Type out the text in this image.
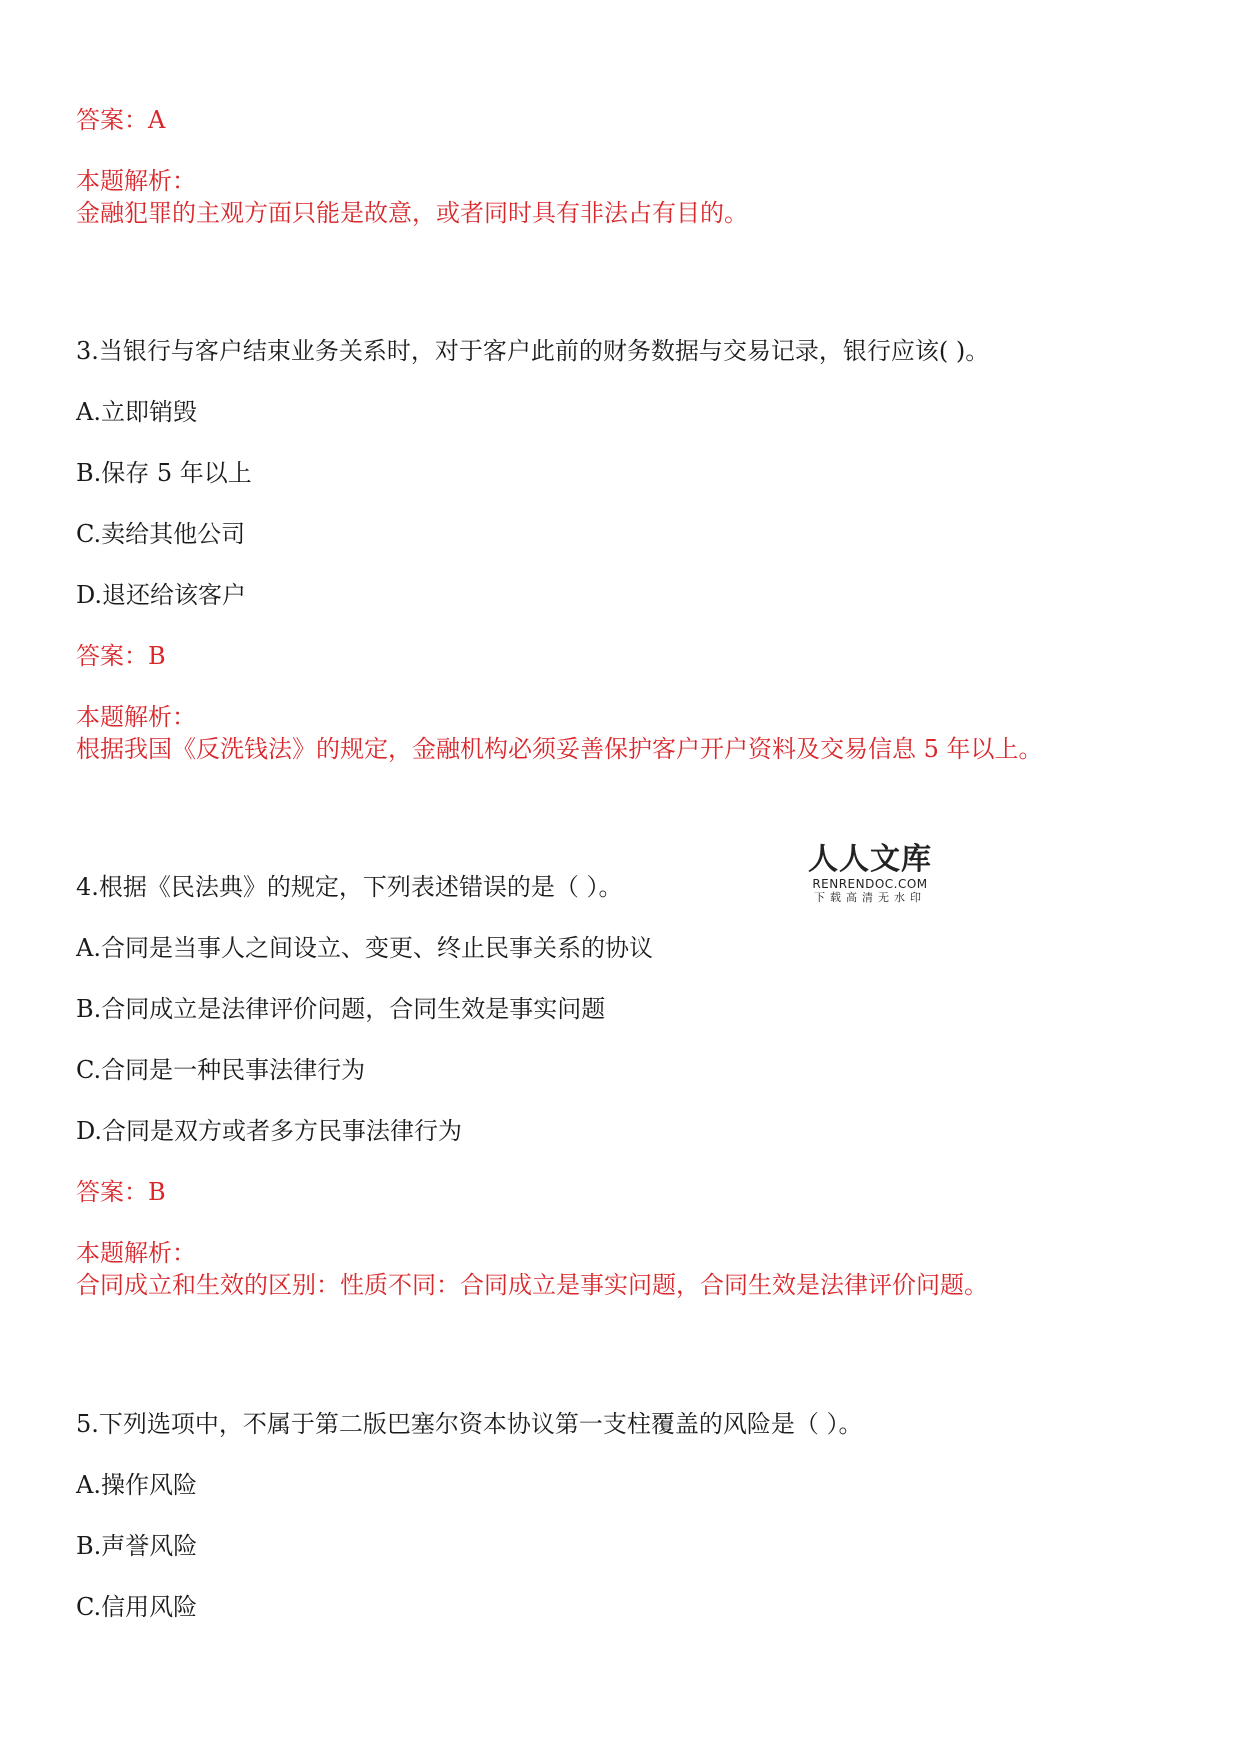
答案：A
本题解析：
金融犯罪的主观方面只能是故意，或者同时具有非法占有目的。
3.当银行与客户结束业务关系时，对于客户此前的财务数据与交易记录，银行应该( )。
A.立即销毁
B.保存 5 年以上
C.卖给其他公司
D.退还给该客户
答案：B
本题解析：
根据我国《反洗钱法》的规定，金融机构必须妥善保护客户开户资料及交易信息 5 年以上。
人人文库
RENRENDOC.COM
下载高清无水印
4.根据《民法典》的规定，下列表述错误的是（ ）。
A.合同是当事人之间设立、变更、终止民事关系的协议
B.合同成立是法律评价问题，合同生效是事实问题
C.合同是一种民事法律行为
D.合同是双方或者多方民事法律行为
答案：B
本题解析：
合同成立和生效的区别：性质不同：合同成立是事实问题，合同生效是法律评价问题。
5.下列选项中，不属于第二版巴塞尔资本协议第一支柱覆盖的风险是（ ）。
A.操作风险
B.声誉风险
C.信用风险
